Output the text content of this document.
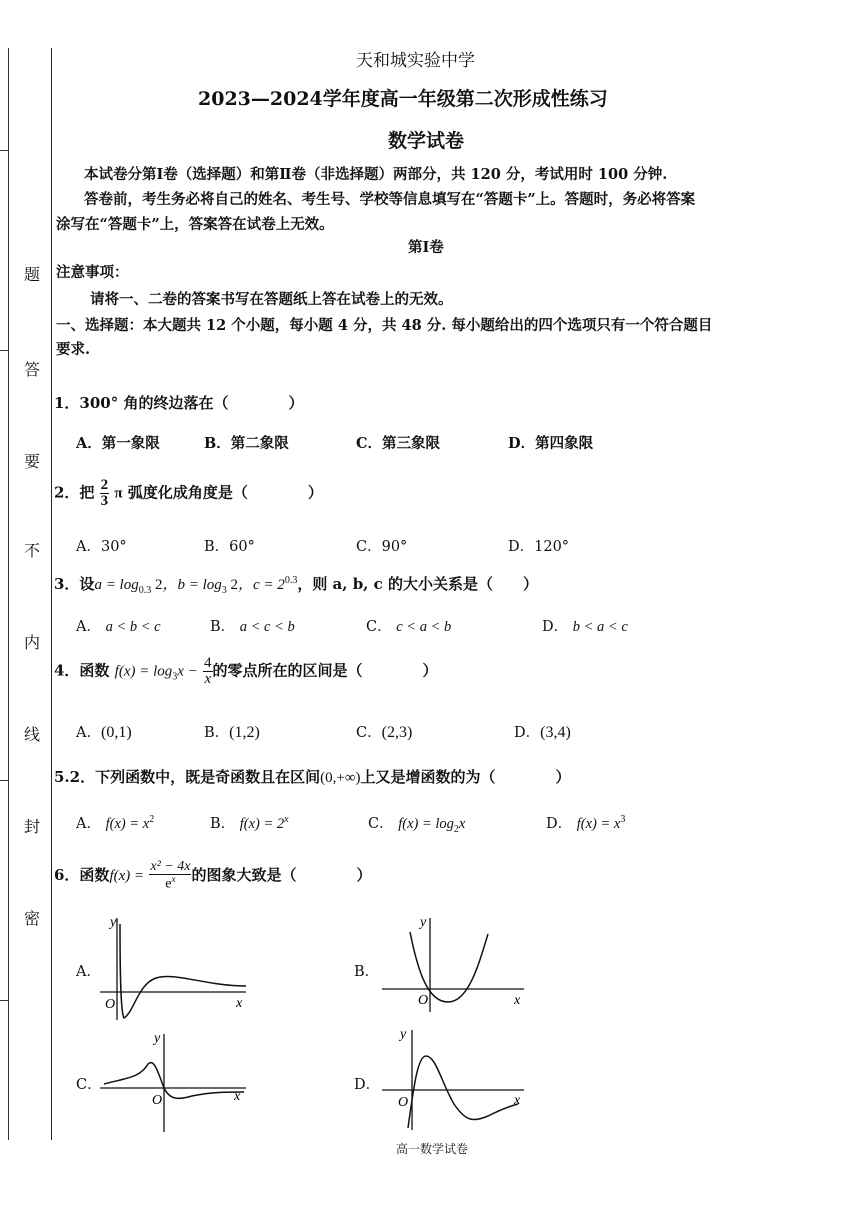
题
答
要
不
内
线
封
密
天和城实验中学
2023—2024学年度高一年级第二次形成性练习
数学试卷
本试卷分第Ⅰ卷（选择题）和第Ⅱ卷（非选择题）两部分，共 120 分，考试用时 100 分钟.
答卷前，考生务必将自己的姓名、考生号、学校等信息填写在“答题卡”上。答题时，务必将答案
涂写在“答题卡”上，答案答在试卷上无效。
第Ⅰ卷
注意事项：
请将一、二卷的答案书写在答题纸上答在试卷上的无效。
一、选择题：本大题共 12 个小题，每小题 4 分，共 48 分. 每小题给出的四个选项只有一个符合题目
要求.
1．300° 角的终边落在（　　　　）
A．第一象限	B．第二象限	C．第三象限	D．第四象限
2．把 $\frac{2}{3}$ π 弧度化成角度是（　　　　）
A．30°	B．60°	C．90°	D．120°
3．设$a = \log_{0.3} 2$，$b = \log_3 2$，$c = 2^{0.3}$，则 a, b, c 的大小关系是（　　）
A． a < b < c	B． a < c < b	C． c < a < b	D． b < a < c
4．函数 $f(x) = \log_3x - \frac{4}{x}$ 的零点所在的区间是（　　　　）
A．(0,1)	B．(1,2)	C．(2,3)	D．(3,4)
5.2．下列函数中，既是奇函数且在区间(0,+∞)上又是增函数的为（　　　　）
A． $f(x) = x^2$	B． $f(x) = 2^x$	C． $f(x) = \log_2x$	D． $f(x) = x^3$
6．函数$f(x) = \frac{\text{x² − 4x}}{e^x}$ 的图象大致是（　　　　）
A．	B．
C．	D．
y
x
O
y
x
O
y
x
O
y
x
O
高一数学试卷
